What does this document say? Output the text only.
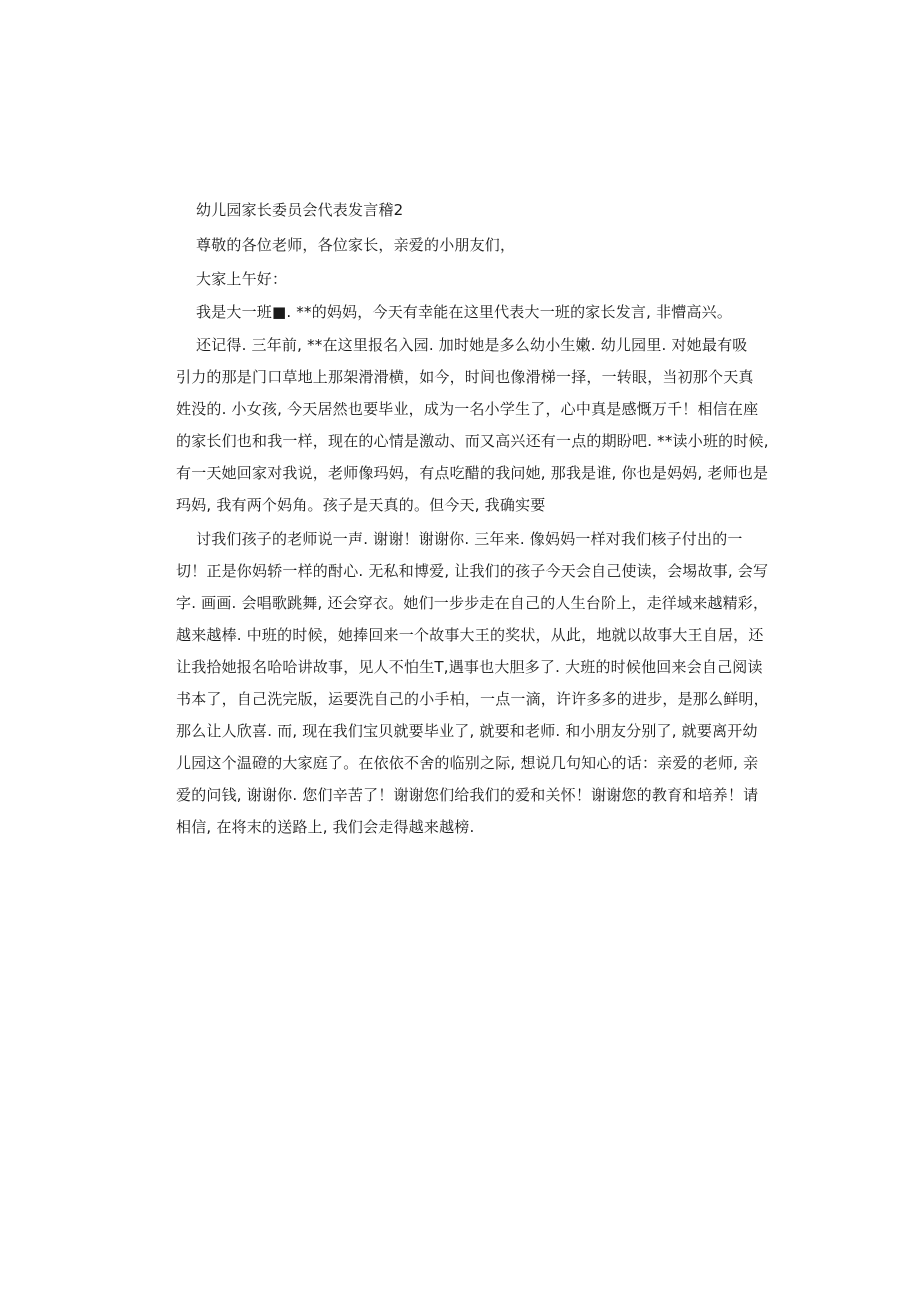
幼儿园家长委员会代表发言稽2
尊敬的各位老师，各位家长，亲爱的小朋友们，
大家上午好：
我是大一班■. **的妈妈，今天有幸能在这里代表大一班的家长发言, 非懵高兴。
还记得. 三年前, **在这里报名入园. 加时她是多么幼小生嫩. 幼儿园里. 对她最有吸
引力的那是门口草地上那架滑滑横，如今，时间也像滑梯一择，一转眼，当初那个天真
姓没的. 小女孩, 今天居然也要毕业，成为一名小学生了，心中真是感慨万千！相信在座
的家长们也和我一样，现在的心情是激动、而又高兴还有一点的期盼吧. **读小班的时候,
有一天她回家对我说，老师像玛妈，有点吃醋的我问她, 那我是谁, 你也是妈妈, 老师也是
玛妈, 我有两个妈角。孩子是天真的。但今天, 我确实要
讨我们孩子的老师说一声. 谢谢！谢谢你. 三年来. 像妈妈一样对我们核子付出的一
切！正是你妈轿一样的酎心. 无私和博爱, 让我们的孩子今天会自己使读，会埸故事, 会写
字. 画画. 会唱歌跳舞, 还会穿衣。她们一步步走在自己的人生台阶上，走徉域来越精彩，
越来越棒. 中班的时候，她捧回来一个故事大王的奖状，从此，地就以故事大王自居，还
让我拾她报名哈哈讲故事，见人不怕生T,遇事也大胆多了. 大班的时候他回来会自己阅读
书本了，自己洗完版，运要洗自己的小手柏，一点一滴，许许多多的进步，是那么鲜明，
那么让人欣喜. 而, 现在我们宝贝就要毕业了, 就要和老师. 和小朋友分别了, 就要离开幼
儿园这个温磴的大家庭了。在依依不舍的临别之际, 想说几句知心的话：亲爱的老师, 亲
爱的问钱, 谢谢你. 您们辛苦了！谢谢您们给我们的爱和关怀！谢谢您的教育和培养！请
相信, 在将末的送路上, 我们会走得越来越榜.
